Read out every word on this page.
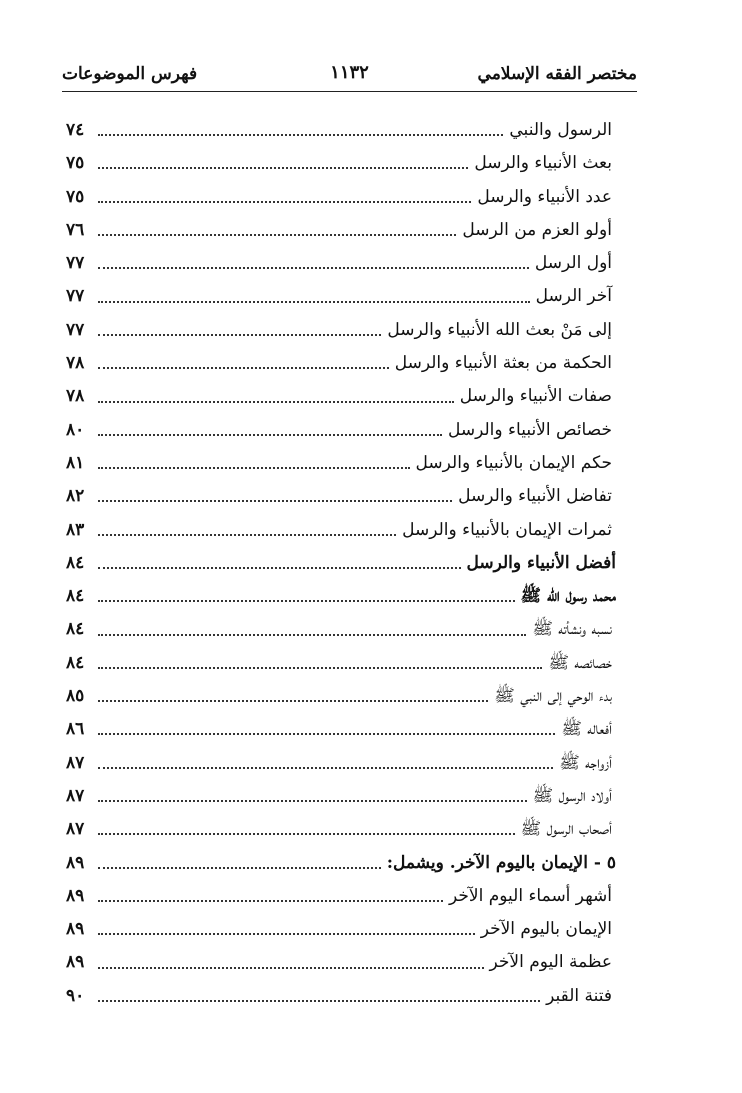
مختصر الفقه الإسلامي
١١٣٢
فهرس الموضوعات
الرسول والنبي
٧٤
بعث الأنبياء والرسل
٧٥
عدد الأنبياء والرسل
٧٥
أولو العزم من الرسل
٧٦
أول الرسل
٧٧
آخر الرسل
٧٧
إلى مَنْ بعث الله الأنبياء والرسل
٧٧
الحكمة من بعثة الأنبياء والرسل
٧٨
صفات الأنبياء والرسل
٧٨
خصائص الأنبياء والرسل
٨٠
حكم الإيمان بالأنبياء والرسل
٨١
تفاضل الأنبياء والرسل
٨٢
ثمرات الإيمان بالأنبياء والرسل
٨٣
أفضل الأنبياء والرسل
٨٤
محمد رسول الله ﷺ
٨٤
نسبه ونشأته ﷺ
٨٤
خصائصه ﷺ
٨٤
بدء الوحي إلى النبي ﷺ
٨٥
أفعاله ﷺ
٨٦
أزواجه ﷺ
٨٧
أولاد الرسول ﷺ
٨٧
أصحاب الرسول ﷺ
٨٧
٥ - الإيمان باليوم الآخر. ويشمل:
٨٩
أشهر أسماء اليوم الآخر
٨٩
الإيمان باليوم الآخر
٨٩
عظمة اليوم الآخر
٨٩
فتنة القبر
٩٠
